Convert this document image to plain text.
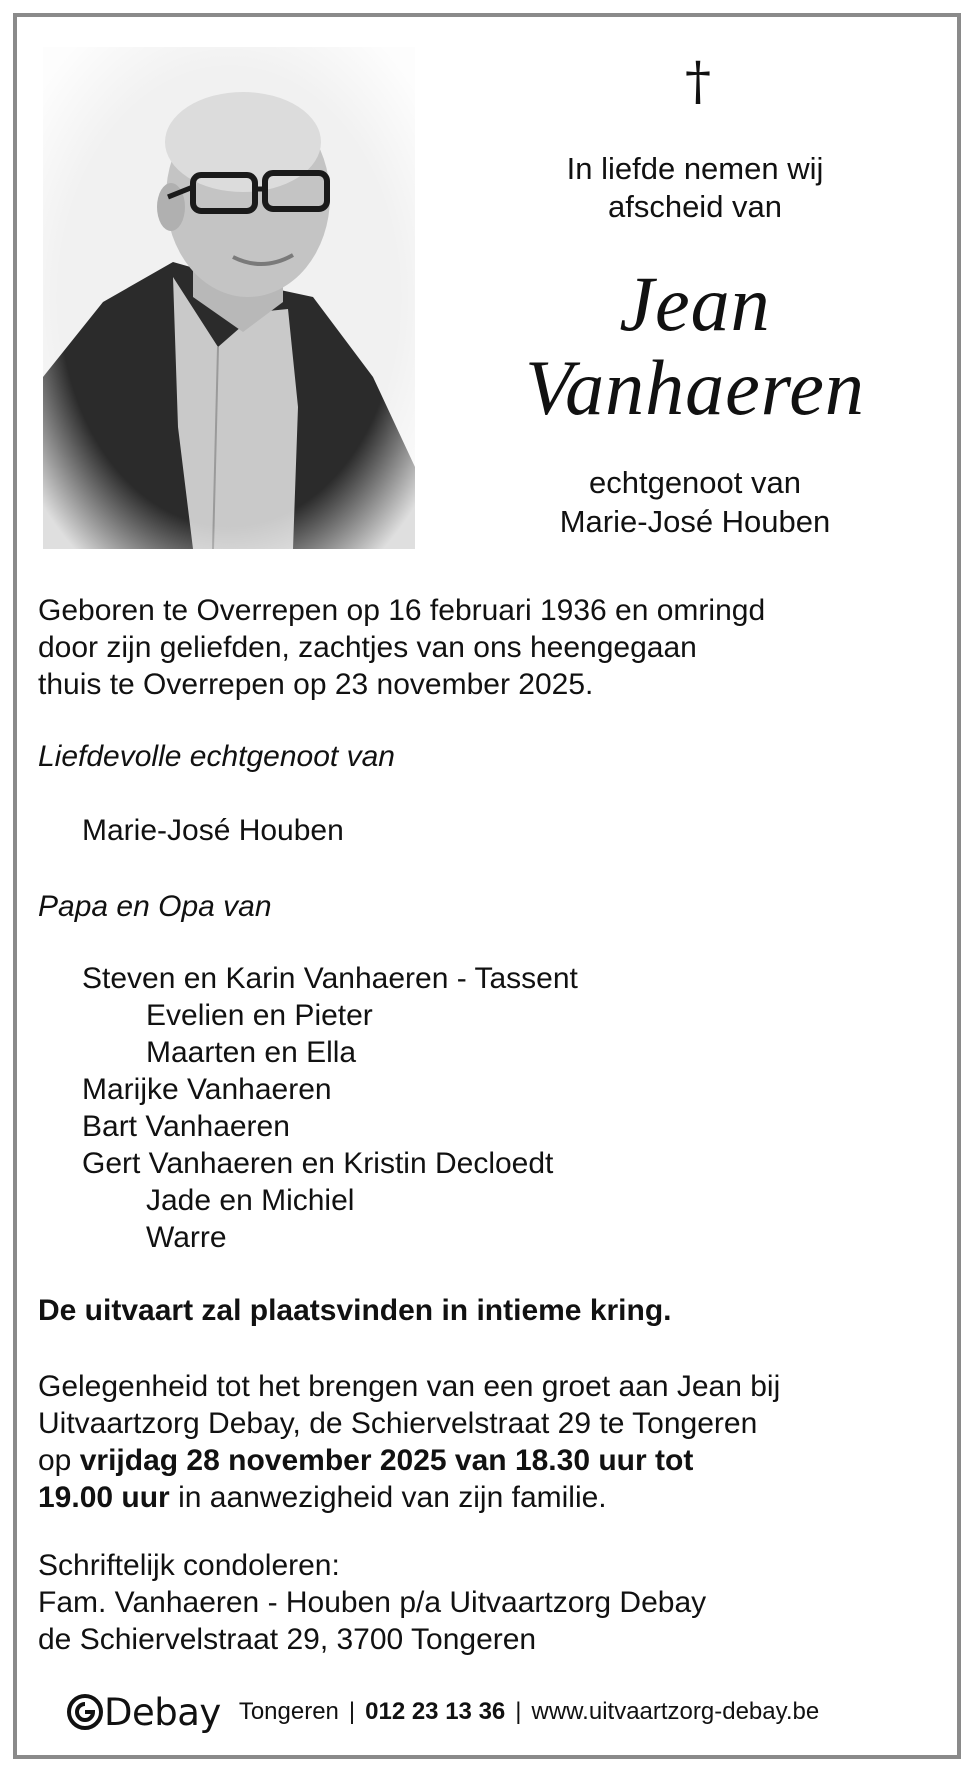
†
In liefde nemen wij
afscheid van
Jean
Vanhaeren
echtgenoot van
Marie-José Houben
Geboren te Overrepen op 16 februari 1936 en omringd
door zijn geliefden, zachtjes van ons heengegaan
thuis te Overrepen op 23 november 2025.
Liefdevolle echtgenoot van
Marie-José Houben
Papa en Opa van
Steven en Karin Vanhaeren - Tassent
Evelien en Pieter
Maarten en Ella
Marijke Vanhaeren
Bart Vanhaeren
Gert Vanhaeren en Kristin Decloedt
Jade en Michiel
Warre
De uitvaart zal plaatsvinden in intieme kring.
Gelegenheid tot het brengen van een groet aan Jean bij
Uitvaartzorg Debay, de Schiervelstraat 29 te Tongeren
op vrijdag 28 november 2025 van 18.30 uur tot
19.00 uur in aanwezigheid van zijn familie.
Schriftelijk condoleren:
Fam. Vanhaeren - Houben p/a Uitvaartzorg Debay
de Schiervelstraat 29, 3700 Tongeren
Debay Tongeren | 012 23 13 36 | www.uitvaartzorg-debay.be
